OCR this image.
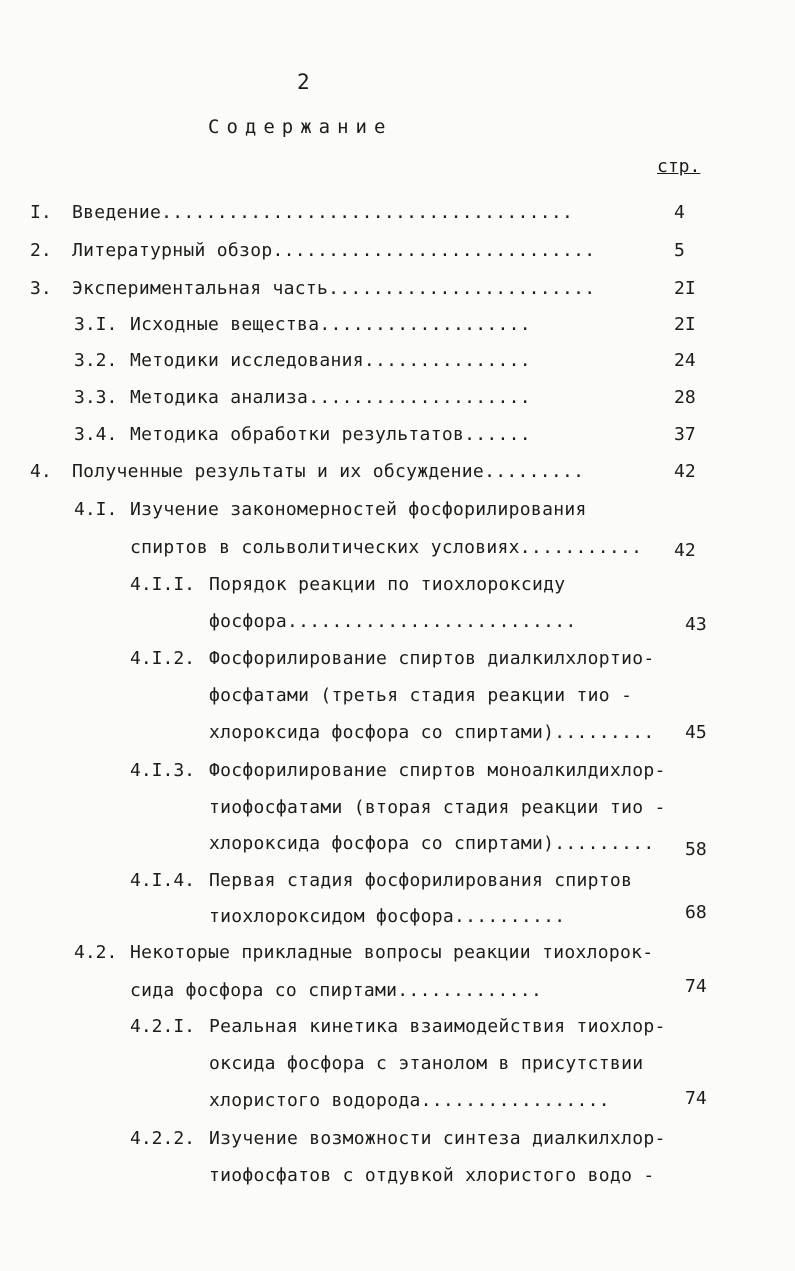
2
Содержание
стр.
I. Введение.....................................	4
2. Литературный обзор.............................	5
3. Экспериментальная часть........................	2I
3.I. Исходные вещества...................	2I
3.2. Методики исследования...............	24
3.3. Методика анализа....................	28
3.4. Методика обработки результатов......	37
4. Полученные результаты и их обсуждение.........	42
4.I. Изучение закономерностей фосфорилирования
спиртов в сольволитических условиях........... 42
4.I.I. Порядок реакции по тиохлороксиду
фосфора..........................	43
4.I.2. Фосфорилирование спиртов диалкилхлортио-
фосфатами (третья стадия реакции тио -
хлороксида фосфора со спиртами)......... 45
4.I.3. Фосфорилирование спиртов моноалкилдихлор-
тиофосфатами (вторая стадия реакции тио -
хлороксида фосфора со спиртами)......... 58
4.I.4. Первая стадия фосфорилирования спиртов
тиохлороксидом фосфора..........	68
4.2. Некоторые прикладные вопросы реакции тиохлорок-
сида фосфора со спиртами.............	74
4.2.I. Реальная кинетика взаимодействия тиохлор-
оксида фосфора с этанолом в присутствии
хлористого водорода.................	74
4.2.2. Изучение возможности синтеза диалкилхлор-
тиофосфатов с отдувкой хлористого водо -
